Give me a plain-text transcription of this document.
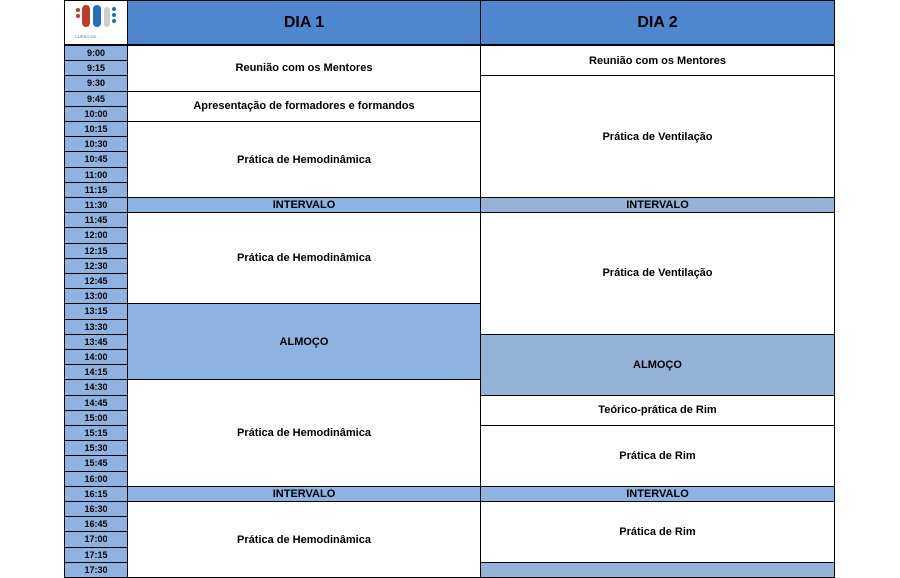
CURSO DE ...
DIA 1	DIA 2
9:00
9:15
9:30
9:45
10:00
10:15
10:30
10:45
11:00
11:15
11:30
11:45
12:00
12:15
12:30
12:45
13:00
13:15
13:30
13:45
14:00
14:15
14:30
14:45
15:00
15:15
15:30
15:45
16:00
16:15
16:30
16:45
17:00
17:15
17:30
Reunião com os Mentores
Apresentação de formadores e formandos
Prática de Hemodinâmica
INTERVALO
Prática de Hemodinâmica
ALMOÇO
Prática de Hemodinâmica
INTERVALO
Prática de Hemodinâmica
Reunião com os Mentores
Prática de Ventilação
INTERVALO
Prática de Ventilação
ALMOÇO
Teórico-prática de Rim
Prática de Rim
INTERVALO
Prática de Rim
